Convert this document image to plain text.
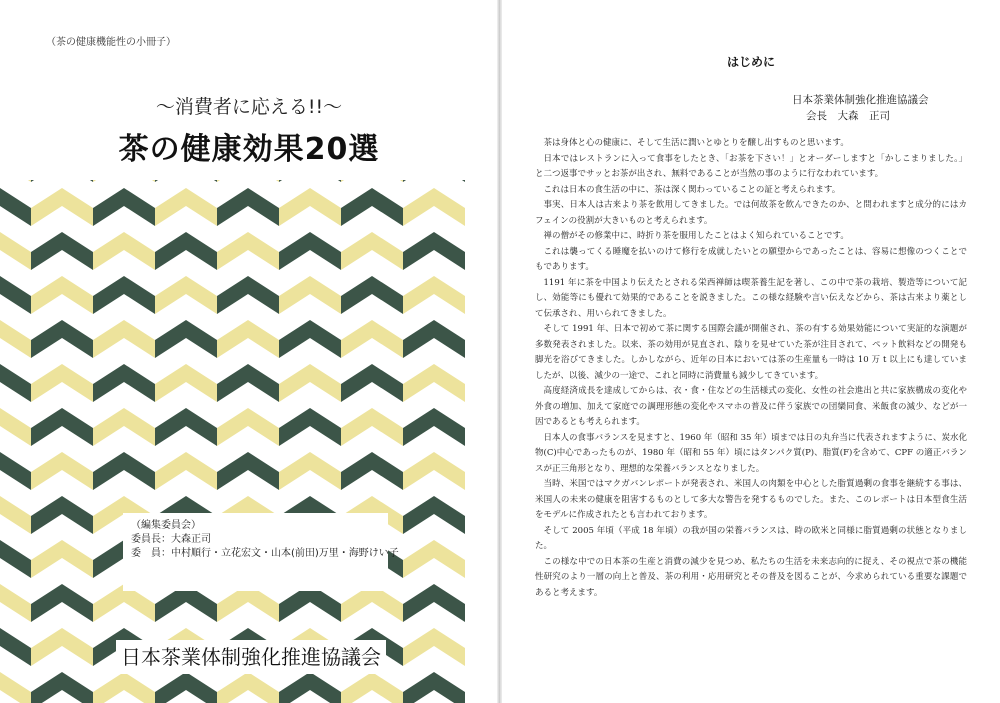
（茶の健康機能性の小冊子）
〜消費者に応える!!〜
茶の健康効果20選
（編集委員会）
委員長：大森正司
委　員：中村順行・立花宏文・山本(前田)万里・海野けい子
日本茶業体制強化推進協議会
はじめに
日本茶業体制強化推進協議会
会長　大森　正司

茶は身体と心の健康に、そして生活に潤いとゆとりを醸し出すものと思います。

日本ではレストランに入って食事をしたとき、「お茶を下さい！」とオーダーしますと「かしこまりました。」と二つ返事でサッとお茶が出され、無料であることが当然の事のように行なわれています。

これは日本の食生活の中に、茶は深く関わっていることの証と考えられます。

事実、日本人は古来より茶を飲用してきました。では何故茶を飲んできたのか、と問われますと成分的にはカフェインの役割が大きいものと考えられます。

禅の僧がその修業中に、時折り茶を服用したことはよく知られていることです。

これは襲ってくる睡魔を払いのけて修行を成就したいとの願望からであったことは、容易に想像のつくことでもであります。

1191 年に茶を中国より伝えたとされる栄西禅師は喫茶養生記を著し、この中で茶の栽培、製造等について記し、効能等にも優れて効果的であることを説きました。この様な経験や言い伝えなどから、茶は古来より薬として伝承され、用いられてきました。

そして 1991 年、日本で初めて茶に関する国際会議が開催され、茶の有する効果効能について実証的な演題が多数発表されました。以来、茶の効用が見直され、陰りを見せていた茶が注目されて、ペット飲料などの開発も脚光を浴びてきました。しかしながら、近年の日本においては茶の生産量も一時は 10 万 t 以上にも達していましたが、以後、減少の一途で、これと同時に消費量も減少してきています。

高度経済成長を達成してからは、衣・食・住などの生活様式の変化、女性の社会進出と共に家族構成の変化や外食の増加、加えて家庭での調理形態の変化やスマホの普及に伴う家族での団欒同食、米飯食の減少、などが一因であるとも考えられます。

日本人の食事バランスを見ますと、1960 年（昭和 35 年）頃までは日の丸弁当に代表されますように、炭水化物(C)中心であったものが、1980 年（昭和 55 年）頃にはタンパク質(P)、脂質(F)を含めて、CPF の適正バランスが正三角形となり、理想的な栄養バランスとなりました。

当時、米国ではマクガバンレポートが発表され、米国人の肉類を中心とした脂質過剰の食事を継続する事は、米国人の未来の健康を阻害するものとして多大な警告を発するものでした。また、このレポートは日本型食生活をモデルに作成されたとも言われております。

そして 2005 年頃（平成 18 年頃）の我が国の栄養バランスは、時の欧米と同様に脂質過剰の状態となりました。

この様な中での日本茶の生産と消費の減少を見つめ、私たちの生活を未来志向的に捉え、その視点で茶の機能性研究のより一層の向上と普及、茶の利用・応用研究とその普及を図ることが、今求められている重要な課題であると考えます。
